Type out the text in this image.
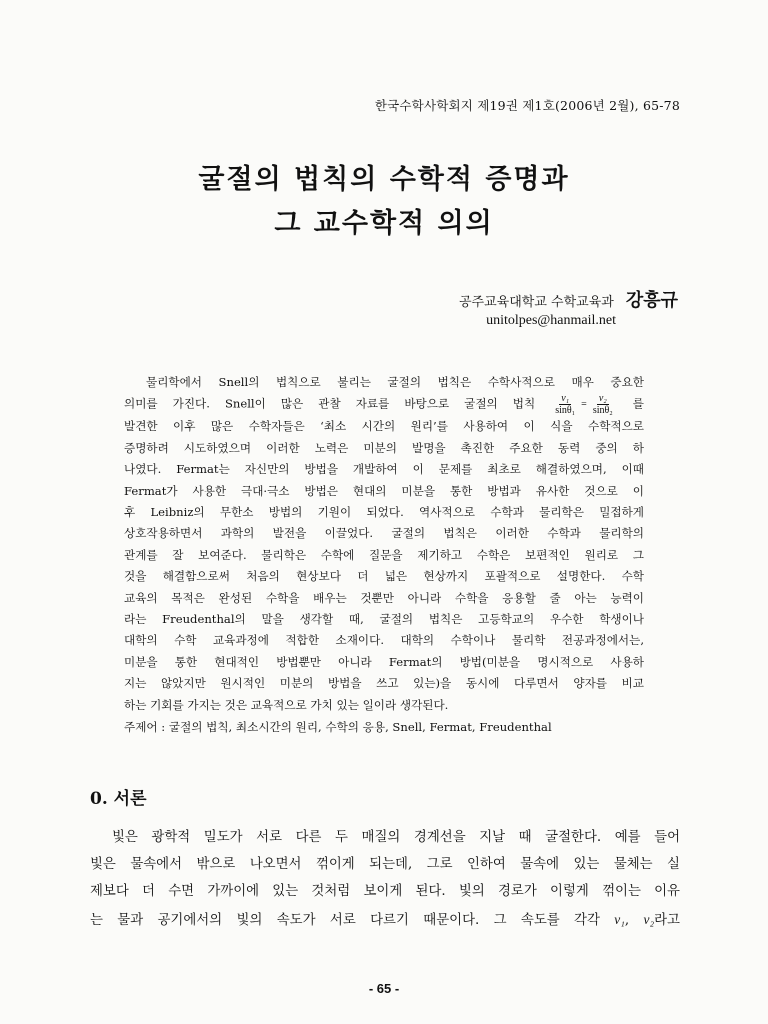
한국수학사학회지 제19권 제1호(2006년 2월), 65-78
굴절의 법칙의 수학적 증명과
그 교수학적 의의
공주교육대학교 수학교육과 강흥규
unitolpes@hanmail.net
물리학에서 Snell의 법칙으로 불리는 굴절의 법칙은 수학사적으로 매우 중요한
의미를 가진다. Snell이 많은 관찰 자료를 바탕으로 굴절의 법칙 $\frac{\text{v₁}}{\text{sinθ₁}} = \frac{\text{v₂}}{\text{sinθ₂}}$ 를
발견한 이후 많은 수학자들은 ‘최소 시간의 원리’를 사용하여 이 식을 수학적으로
증명하려 시도하였으며 이러한 노력은 미분의 발명을 촉진한 주요한 동력 중의 하
나였다. Fermat는 자신만의 방법을 개발하여 이 문제를 최초로 해결하였으며, 이때
Fermat가 사용한 극대·극소 방법은 현대의 미분을 통한 방법과 유사한 것으로 이
후 Leibniz의 무한소 방법의 기원이 되었다. 역사적으로 수학과 물리학은 밀접하게
상호작용하면서 과학의 발전을 이끌었다. 굴절의 법칙은 이러한 수학과 물리학의
관계를 잘 보여준다. 물리학은 수학에 질문을 제기하고 수학은 보편적인 원리로 그
것을 해결함으로써 처음의 현상보다 더 넓은 현상까지 포괄적으로 설명한다. 수학
교육의 목적은 완성된 수학을 배우는 것뿐만 아니라 수학을 응용할 줄 아는 능력이
라는 Freudenthal의 말을 생각할 때, 굴절의 법칙은 고등학교의 우수한 학생이나
대학의 수학 교육과정에 적합한 소재이다. 대학의 수학이나 물리학 전공과정에서는,
미분을 통한 현대적인 방법뿐만 아니라 Fermat의 방법(미분을 명시적으로 사용하
지는 않았지만 원시적인 미분의 방법을 쓰고 있는)을 동시에 다루면서 양자를 비교
하는 기회를 가지는 것은 교육적으로 가치 있는 일이라 생각된다.
주제어 : 굴절의 법칙, 최소시간의 원리, 수학의 응용, Snell, Fermat, Freudenthal
0. 서론
빛은 광학적 밀도가 서로 다른 두 매질의 경계선을 지날 때 굴절한다. 예를 들어
빛은 물속에서 밖으로 나오면서 꺾이게 되는데, 그로 인하여 물속에 있는 물체는 실
제보다 더 수면 가까이에 있는 것처럼 보이게 된다. 빛의 경로가 이렇게 꺾이는 이유
는 물과 공기에서의 빛의 속도가 서로 다르기 때문이다. 그 속도를 각각 v₁, v₂라고
- 65 -
